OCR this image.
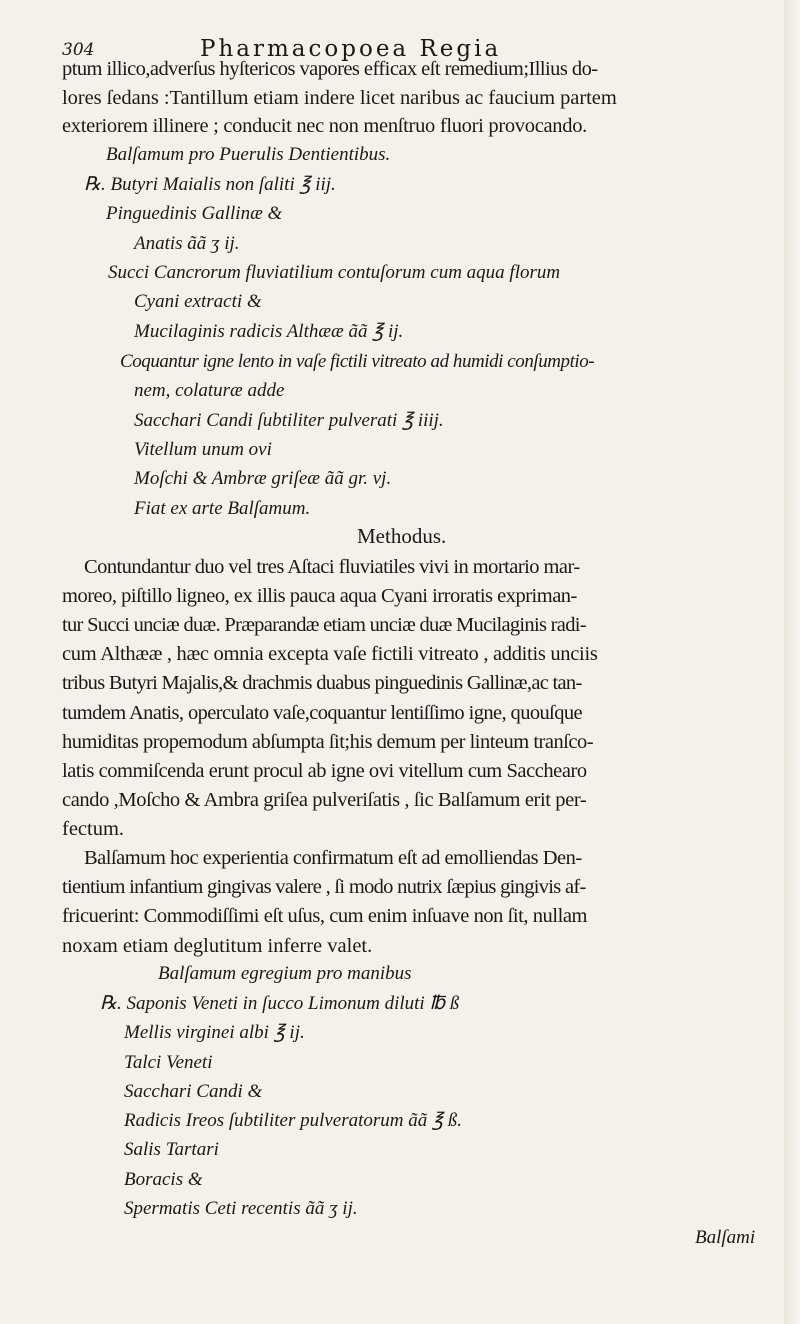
304	Pharmacopoea Regia
ptum illico,adverſus hyſtericos vapores efficax eſt remedium;Illius do-
lores ſedans :Tantillum etiam indere licet naribus ac faucium partem
exteriorem illinere ; conducit nec non menſtruo fluori provocando.
Balſamum pro Puerulis Dentientibus.
℞. Butyri Maialis non ſaliti ℥ iij.
Pinguedinis Gallinæ &
Anatis ãã ʒ ij.
Succi Cancrorum fluviatilium contuſorum cum aqua florum
Cyani extracti &
Mucilaginis radicis Althææ ãã ℥ ij.
Coquantur igne lento in vaſe fictili vitreato ad humidi conſumptio-
nem, colaturæ adde
Sacchari Candi ſubtiliter pulverati ℥ iiij.
Vitellum unum ovi
Moſchi & Ambræ griſeæ ãã gr. vj.
Fiat ex arte Balſamum.
Methodus.
Contundantur duo vel tres Aſtaci fluviatiles vivi in mortario mar-
moreo, piſtillo ligneo, ex illis pauca aqua Cyani irroratis expriman-
tur Succi unciæ duæ. Præparandæ etiam unciæ duæ Mucilaginis radi-
cum Althææ , hæc omnia excepta vaſe fictili vitreato , additis unciis
tribus Butyri Majalis,& drachmis duabus pinguedinis Gallinæ,ac tan-
tumdem Anatis, operculato vaſe,coquantur lentiſſimo igne, quouſque
humiditas propemodum abſumpta ſit;his demum per linteum tranſco-
latis commiſcenda erunt procul ab igne ovi vitellum cum Sacchearo
cando ,Moſcho & Ambra griſea pulveriſatis , ſic Balſamum erit per-
fectum.
Balſamum hoc experientia confirmatum eſt ad emolliendas Den-
tientium infantium gingivas valere , ſi modo nutrix ſæpius gingivis af-
fricuerint: Commodiſſimi eſt uſus, cum enim inſuave non ſit, nullam
noxam etiam deglutitum inferre valet.
Balſamum egregium pro manibus
℞. Saponis Veneti in ſucco Limonum diluti ℔ ß
Mellis virginei albi ℥ ij.
Talci Veneti
Sacchari Candi &
Radicis Ireos ſubtiliter pulveratorum ãã ℥ ß.
Salis Tartari
Boracis &
Spermatis Ceti recentis ãã ʒ ij.
Balſami
